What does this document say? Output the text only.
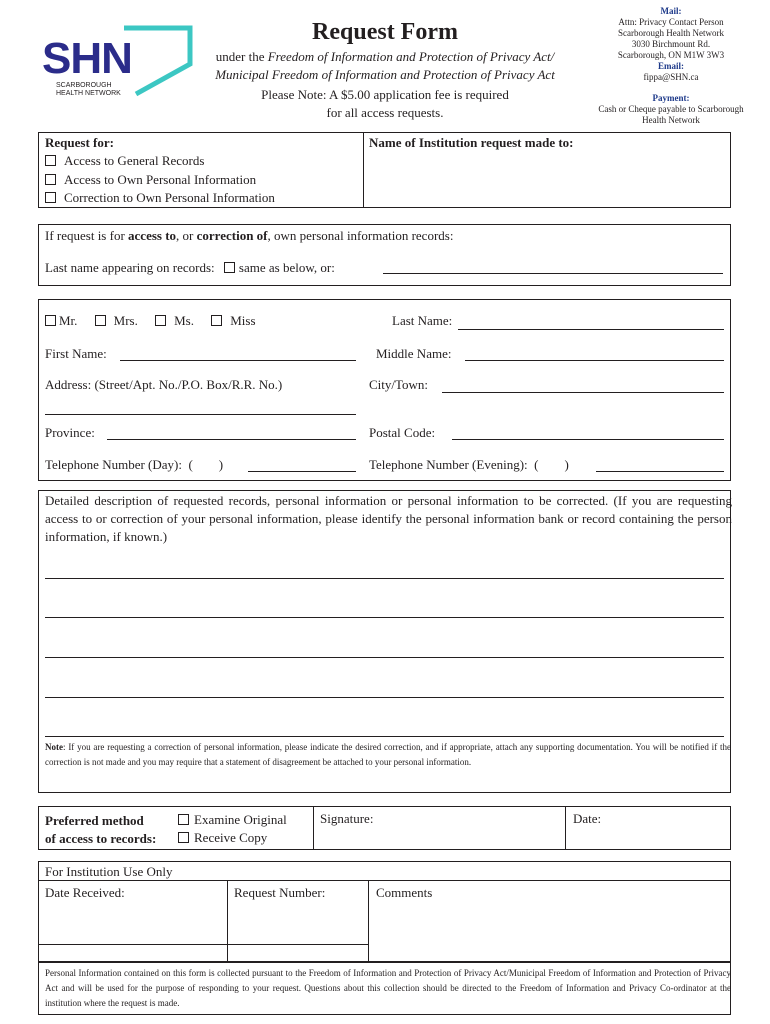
SHN
SCARBOROUGH
HEALTH NETWORK
Request Form
under the Freedom of Information and Protection of Privacy Act/
Municipal Freedom of Information and Protection of Privacy Act
Please Note: A $5.00 application fee is required
for all access requests.
Mail:
Attn: Privacy Contact Person
Scarborough Health Network
3030 Birchmount Rd.
Scarborough, ON M1W 3W3
Email:
fippa@SHN.ca
Payment:
Cash or Cheque payable to Scarborough
Health Network
Request for:
Access to General Records
Access to Own Personal Information
Correction to Own Personal Information
Name of Institution request made to:
If request is for access to, or correction of, own personal information records:
Last name appearing on records: same as below, or:
Mr.	Mrs.	Ms.	Miss	Last Name:
First Name:	Middle Name:
Address: (Street/Apt. No./P.O. Box/R.R. No.)	City/Town:
Province:	Postal Code:
Telephone Number (Day):  (        )	Telephone Number (Evening):  (        )
Detailed description of requested records, personal information or personal information to be corrected. (If you are requesting access to or correction of your personal information, please identify the personal information bank or record containing the person information, if known.)
Note: If you are requesting a correction of personal information, please indicate the desired correction, and if appropriate, attach any supporting documentation. You will be notified if the correction is not made and you may require that a statement of disagreement be attached to your personal information.
Preferred method
of access to records:
Examine Original
Receive Copy
Signature:	Date:
For Institution Use Only
Date Received:	Request Number:	Comments
Personal Information contained on this form is collected pursuant to the Freedom of Information and Protection of Privacy Act/Municipal Freedom of Information and Protection of Privacy Act and will be used for the purpose of responding to your request. Questions about this collection should be directed to the Freedom of Information and Privacy Co-ordinator at the institution where the request is made.
